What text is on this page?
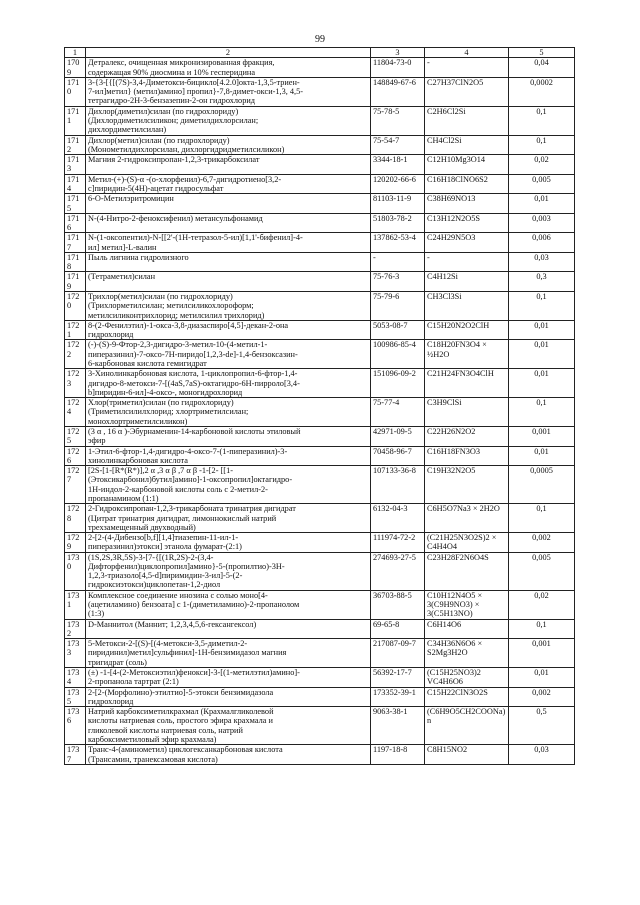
99
1	2	3	4	5
1709	Детралекс, очищенная микронизированная фракция,
содержащая 90% диосмина и 10% гесперидина	11804-73-0	-	0,04
1710	3-{3-[{[(7S)-3,4-Диметокси-бицикло[4.2.0]окта-1,3,5-триен-
7-ил]метил} (метил)амино] пропил}-7,8-димет-окси-1,3, 4,5-
тетрагидро-2Н-3-бензазепин-2-он гидрохлорид	148849-67-6	C27H37ClN2O5	0,0002
1711	Дихлор(диметил)силан (по гидрохлориду)
(Дихлордиметилсиликон; диметилдихлорсилан;
дихлордиметилсилан)	75-78-5	C2H6Cl2Si	0,1
1712	Дихлор(метил)силан (по гидрохлориду)
(Монометилдихлорсилан, дихлоргидридметилсиликон)	75-54-7	CH4Cl2Si	0,1
1713	Магния 2-гидроксипропан-1,2,3-трикарбоксилат	3344-18-1	C12H10Mg3O14	0,02
1714	Метил-(+)-(S)-α -(о-хлорфенил)-6,7-дигидротиено[3,2-
с]пиридин-5(4Н)-ацетат гидросульфат	120202-66-6	C16H18ClNO6S2	0,005
1715	6-О-Метилэритромицин	81103-11-9	C38H69NO13	0,01
1716	N-(4-Нитро-2-феноксифенил) метансульфонамид	51803-78-2	C13H12N2O5S	0,003
1717	N-(1-оксопентил)-N-[[2'-(1Н-тетразол-5-ил)[1,1'-бифенил]-4-
ил] метил]-L-валин	137862-53-4	C24H29N5O3	0,006
1718	Пыль лигнина гидролизного	-	-	0,03
1719	(Тетраметил)силан	75-76-3	C4H12Si	0,3
1720	Трихлор(метил)силан (по гидрохлориду)
(Трихлорметилсилан; метилсиликохлороформ;
метилсиликонтрихлорид; метилсилил трихлорид)	75-79-6	CH3Cl3Si	0,1
1721	8-(2-Фенилэтил)-1-окса-3,8-диазаспиро[4,5]-декан-2-она
гидрохлорид	5053-08-7	C15H20N2O2ClH	0,01
1722	(-)-(S)-9-Фтор-2,3-дигидро-3-метил-10-(4-метил-1-
пиперазинил)-7-оксо-7Н-пиридо[1,2,3-de]-1,4-бензоксазин-
6-карбоновая кислота гемигидрат	100986-85-4	C18H20FN3O4 × ½H2O	0,01
1723	3-Хинолинкарбоновая кислота, 1-циклопропил-6-фтор-1,4-
дигидро-8-метокси-7-[(4aS,7aS)-октагидро-6Н-пирроло[3,4-
b]пиридин-6-ил]-4-оксо-, моногидрохлорид	151096-09-2	C21H24FN3O4ClH	0,01
1724	Хлор(триметил)силан (по гидрохлориду)
(Триметилсилилхлорид; хлортриметилсилан;
монохлортриметилсиликон)	75-77-4	C3H9ClSi	0,1
1725	(3 α , 16 α )-Эбурнаменин-14-карбоновой кислоты этиловый
эфир	42971-09-5	C22H26N2O2	0,001
1726	1-Этил-6-фтор-1,4-дигидро-4-оксо-7-(1-пиперазинил)-3-
хинолинкарбоновая кислота	70458-96-7	C16H18FN3O3	0,01
1727	[2S-[1-[R*(R*)],2 α ,3 α β ,7 α β -1-[2- [[1-
(Этоксикарбонил)бутил]амино]-1-оксопропил]октагидро-
1Н-индол-2-карбоновой кислоты соль с 2-метил-2-
пропанамином (1:1)	107133-36-8	C19H32N2O5	0,0005
1728	2-Гидроксипропан-1,2,3-трикарбоната тринатрия дигидрат
(Цитрат тринатрия дигидрат, лимоннокислый натрий
трехзамещенный двухводный)	6132-04-3	C6H5O7Na3 × 2H2O	0,1
1729	2-[2-(4-Дибензо[b,f][1,4]тиазепин-11-ил-1-
пиперазинил)этокси] этанола фумарат-(2:1)	111974-72-2	(C21H25N3O2S)2 × C4H4O4	0,002
1730	(1S,2S,3R,5S)-3-[7-{[(1R,2S)-2-(3,4-
Дифторфенил)циклопропил]амино}-5-(пропилтио)-3Н-
1,2,3-триазоло[4,5-d]пиримидин-3-ил]-5-(2-
гидроксиэтокси)циклопетан-1,2-диол	274693-27-5	C23H28F2N6O4S	0,005
1731	Комплексное соединение инозина с солью моно[4-
(ацетиламино) бензоата] с 1-(диметиламино)-2-пропанолом
(1:3)	36703-88-5	C10H12N4O5 × 3(C9H9NO3) × 3(C5H13NO)	0,02
1732	D-Маннитол (Маннит; 1,2,3,4,5,6-гексангексол)	69-65-8	C6H14O6	0,1
1733	5-Метокси-2-[(S)-[(4-метокси-3,5-диметил-2-
пиридинил)метил]сульфинил]-1Н-бензимидазол магния
тригидрат (соль)	217087-09-7	C34H36N6O6 × S2Mg3H2O	0,001
1734	(±) -1-[4-(2-Метоксиэтил)фенокси]-3-[(1-метилэтил)амино]-
2-пропанола тартрат (2:1)	56392-17-7	(C15H25NO3)2 VC4H6O6	0,01
1735	2-[2-(Морфолино)-этилтио]-5-этокси бензимидазола
гидрохлорид	173352-39-1	C15H22ClN3O2S	0,002
1736	Натрий карбоксиметилкрахмал (Крахмалгликолевой
кислоты натриевая соль, простого эфира крахмала и
гликолевой кислоты натриевая соль, натрий
карбоксиметиловый эфир крахмала)	9063-38-1	(C6H9O5CH2COONa)n	0,5
1737	Транс-4-(аминометил) циклогексанкарбоновая кислота
(Трансамин, транексамовая кислота)	1197-18-8	C8H15NO2	0,03
